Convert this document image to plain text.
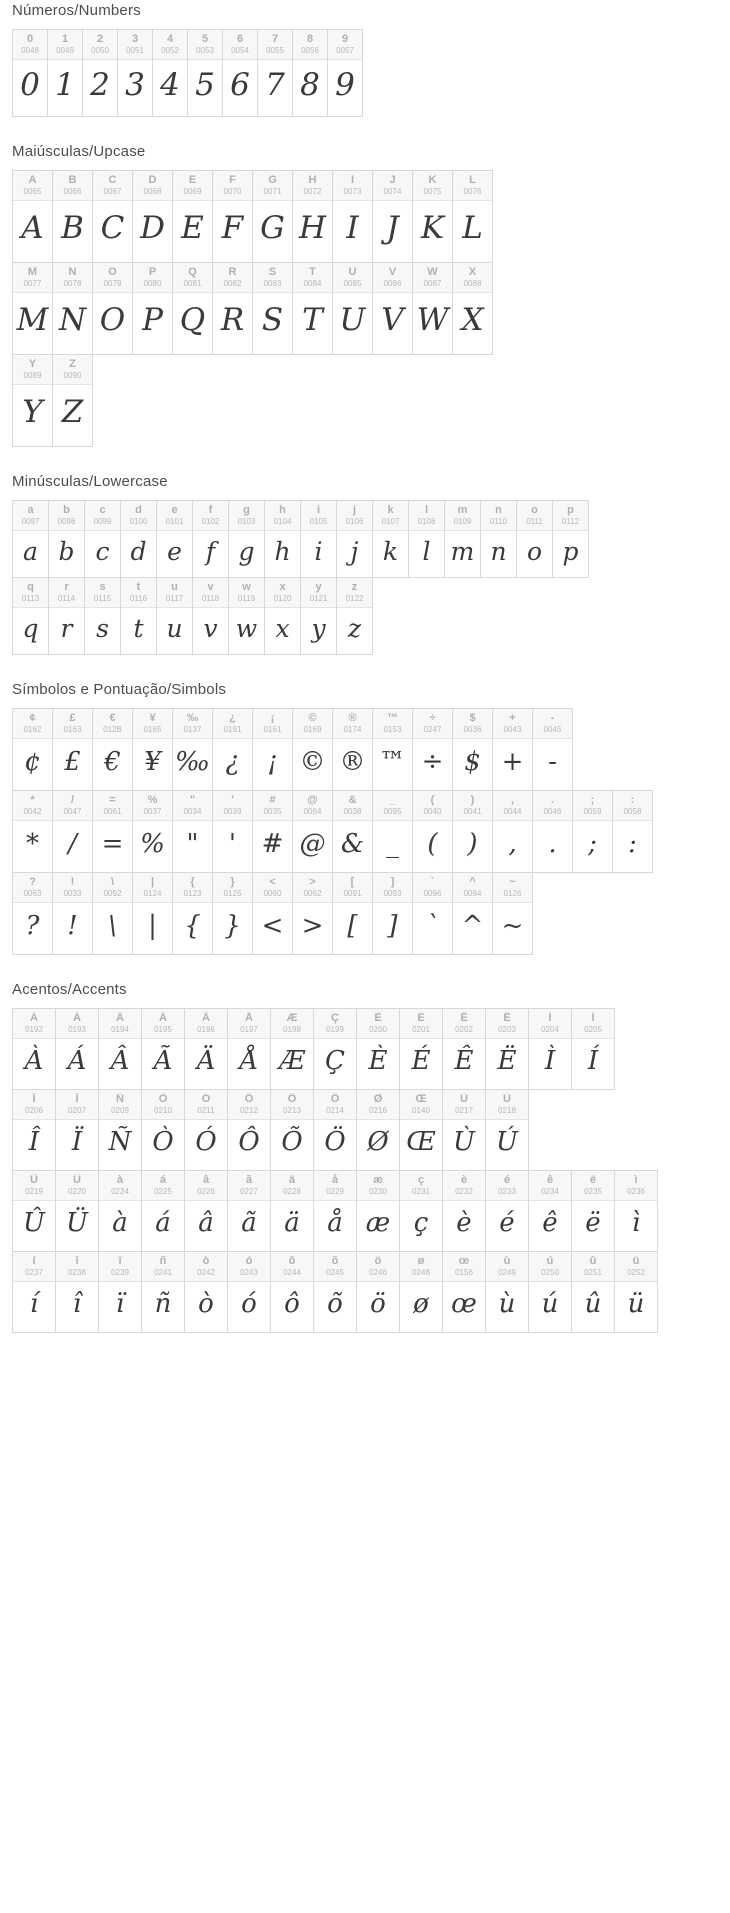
Números/Numbers
0
0048
0
1
0049
1
2
0050
2
3
0051
3
4
0052
4
5
0053
5
6
0054
6
7
0055
7
8
0056
8
9
0057
9
Maiúsculas/Upcase
A
0065
A
B
0066
B
C
0067
C
D
0068
D
E
0069
E
F
0070
F
G
0071
G
H
0072
H
I
0073
I
J
0074
J
K
0075
K
L
0076
L
M
0077
M
N
0078
N
O
0079
O
P
0080
P
Q
0081
Q
R
0082
R
S
0083
S
T
0084
T
U
0085
U
V
0086
V
W
0087
W
X
0088
X
Y
0089
Y
Z
0090
Z
Minúsculas/Lowercase
a
0097
a
b
0098
b
c
0099
c
d
0100
d
e
0101
e
f
0102
f
g
0103
g
h
0104
h
i
0105
i
j
0106
j
k
0107
k
l
0108
l
m
0109
m
n
0110
n
o
0111
o
p
0112
p
q
0113
q
r
0114
r
s
0115
s
t
0116
t
u
0117
u
v
0118
v
w
0119
w
x
0120
x
y
0121
y
z
0122
z
Símbolos e Pontuação/Simbols
¢
0162
¢
£
0163
£
€
012B
€
¥
0165
¥
‰
0137
‰
¿
0191
¿
¡
0161
¡
©
0169
©
®
0174
®
™
0153
™
÷
0247
÷
$
0036
$
+
0043
+
-
0045
-
*
0042
*
/
0047
/
=
0061
=
%
0037
%
"
0034
"
'
0039
'
#
0035
#
@
0064
@
&
0038
&
_
0095
_
(
0040
(
)
0041
)
,
0044
,
.
0046
.
;
0059
;
:
0058
:
?
0063
?
!
0033
!
\
0092
\
|
0124
|
{
0123
{
}
0125
}
<
0060
<
>
0062
>
[
0091
[
]
0093
]
`
0096
`
^
0094
^
~
0126
~
Acentos/Accents
À
0192
À
Á
0193
Á
Â
0194
Â
Ã
0195
Ã
Ä
0196
Ä
Å
0197
Å
Æ
0198
Æ
Ç
0199
Ç
È
0200
È
É
0201
É
Ê
0202
Ê
Ë
0203
Ë
Ì
0204
Ì
Í
0205
Í
Î
0206
Î
Ï
0207
Ï
Ñ
0209
Ñ
Ò
0210
Ò
Ó
0211
Ó
Ô
0212
Ô
Õ
0213
Õ
Ö
0214
Ö
Ø
0216
Ø
Œ
0140
Œ
Ù
0217
Ù
Ú
0218
Ú
Û
0219
Û
Ü
0220
Ü
à
0224
à
á
0225
á
â
0226
â
ã
0227
ã
ä
0228
ä
å
0229
å
æ
0230
æ
ç
0231
ç
è
0232
è
é
0233
é
ê
0234
ê
ë
0235
ë
ì
0236
ì
í
0237
í
î
0238
î
ï
0239
ï
ñ
0241
ñ
ò
0242
ò
ó
0243
ó
ô
0244
ô
õ
0245
õ
ö
0246
ö
ø
0248
ø
œ
0156
œ
ù
0249
ù
ú
0250
ú
û
0251
û
ü
0252
ü
